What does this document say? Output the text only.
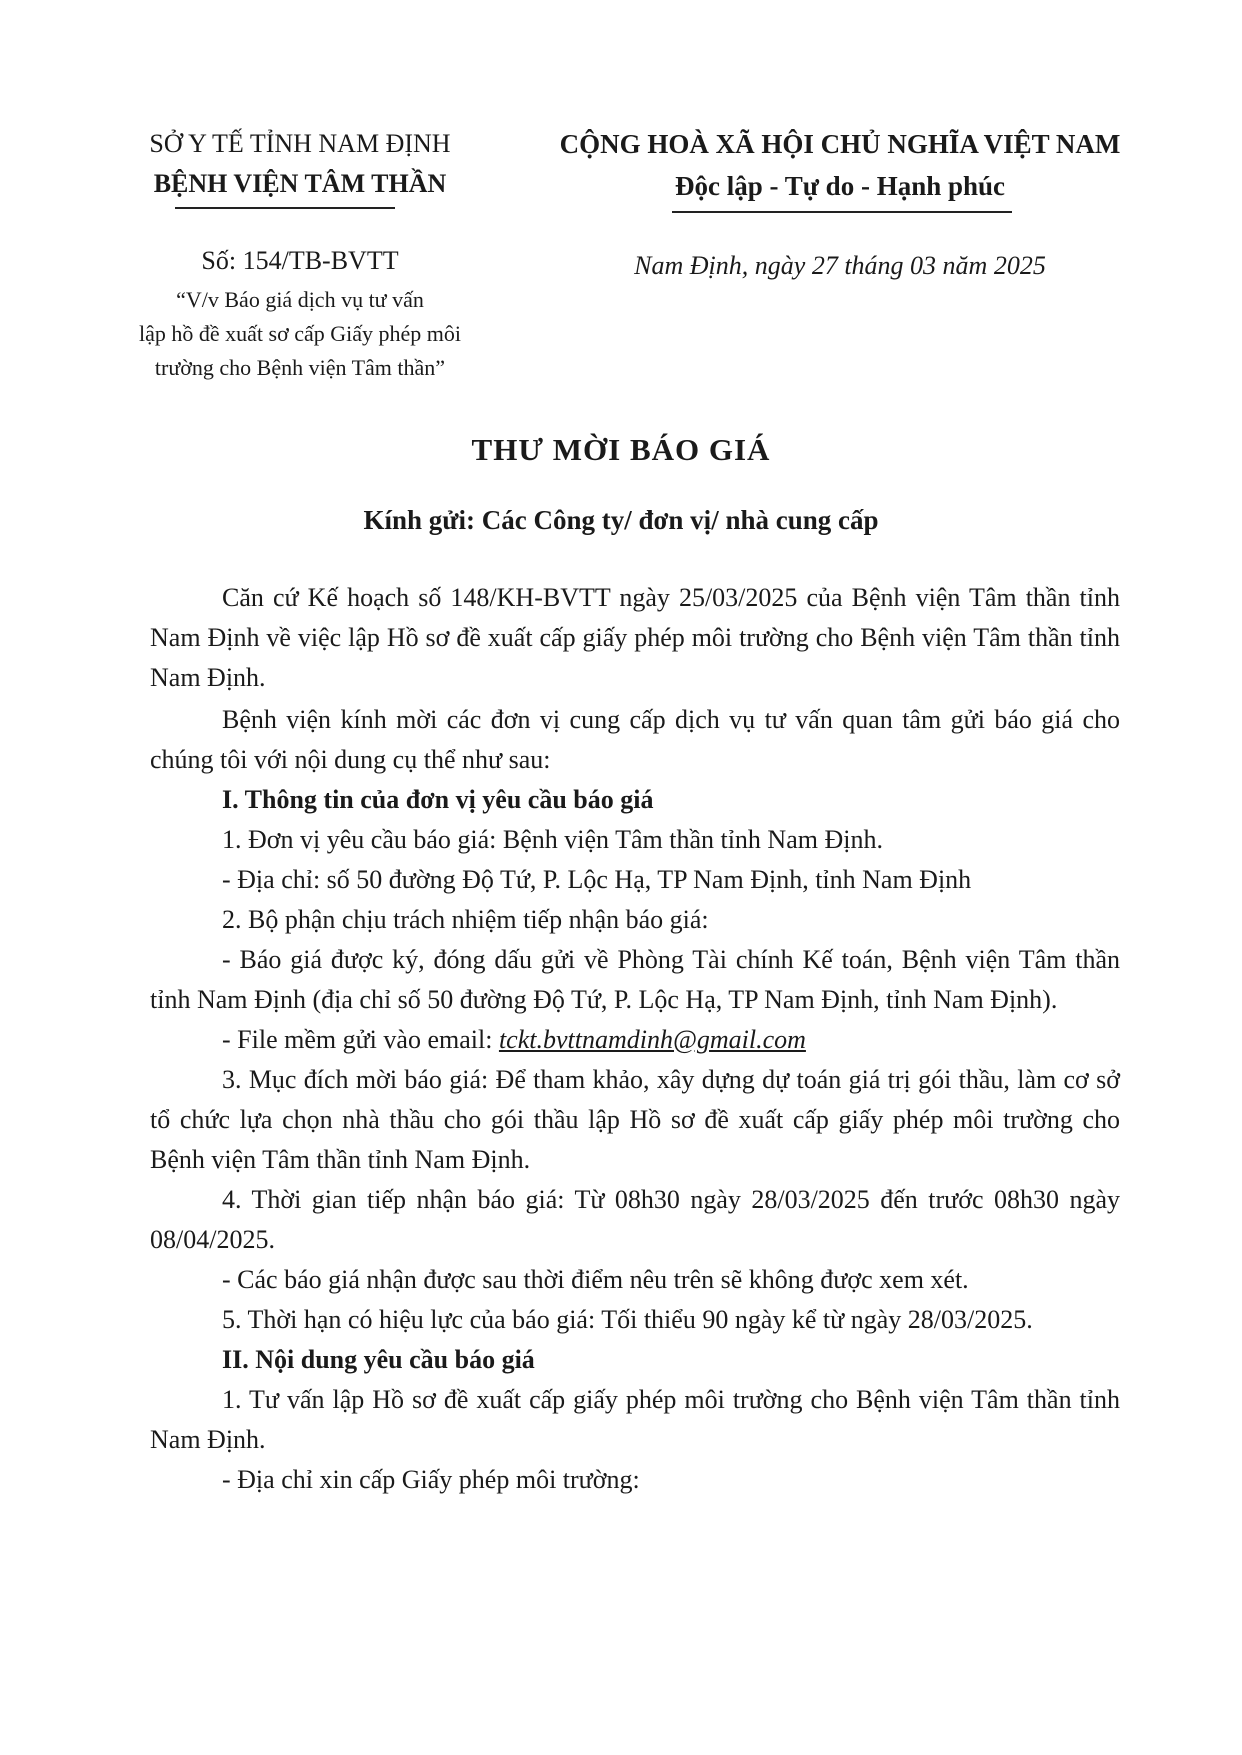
SỞ Y TẾ TỈNH NAM ĐỊNH
BỆNH VIỆN TÂM THẦN
CỘNG HOÀ XÃ HỘI CHỦ NGHĨA VIỆT NAM
Độc lập - Tự do - Hạnh phúc
Số: 154/TB-BVTT
“V/v Báo giá dịch vụ tư vấn
lập hồ đề xuất sơ cấp Giấy phép môi
trường cho Bệnh viện Tâm thần”
Nam Định, ngày 27 tháng 03 năm 2025
THƯ MỜI BÁO GIÁ
Kính gửi: Các Công ty/ đơn vị/ nhà cung cấp
Căn cứ Kế hoạch số 148/KH-BVTT ngày 25/03/2025 của Bệnh viện Tâm thần tỉnh Nam Định về việc lập Hồ sơ đề xuất cấp giấy phép môi trường cho Bệnh viện Tâm thần tỉnh Nam Định.
Bệnh viện kính mời các đơn vị cung cấp dịch vụ tư vấn quan tâm gửi báo giá cho chúng tôi với nội dung cụ thể như sau:
I. Thông tin của đơn vị yêu cầu báo giá
1. Đơn vị yêu cầu báo giá: Bệnh viện Tâm thần tỉnh Nam Định.
- Địa chỉ: số 50 đường Độ Tứ, P. Lộc Hạ, TP Nam Định, tỉnh Nam Định
2. Bộ phận chịu trách nhiệm tiếp nhận báo giá:
- Báo giá được ký, đóng dấu gửi về Phòng Tài chính Kế toán, Bệnh viện Tâm thần tỉnh Nam Định (địa chỉ số 50 đường Độ Tứ, P. Lộc Hạ, TP Nam Định, tỉnh Nam Định).
- File mềm gửi vào email: tckt.bvttnamdinh@gmail.com
3. Mục đích mời báo giá: Để tham khảo, xây dựng dự toán giá trị gói thầu, làm cơ sở tổ chức lựa chọn nhà thầu cho gói thầu lập Hồ sơ đề xuất cấp giấy phép môi trường cho Bệnh viện Tâm thần tỉnh Nam Định.
4. Thời gian tiếp nhận báo giá: Từ 08h30 ngày 28/03/2025 đến trước 08h30 ngày 08/04/2025.
- Các báo giá nhận được sau thời điểm nêu trên sẽ không được xem xét.
5. Thời hạn có hiệu lực của báo giá: Tối thiểu 90 ngày kể từ ngày 28/03/2025.
II. Nội dung yêu cầu báo giá
1. Tư vấn lập Hồ sơ đề xuất cấp giấy phép môi trường cho Bệnh viện Tâm thần tỉnh Nam Định.
- Địa chỉ xin cấp Giấy phép môi trường:
